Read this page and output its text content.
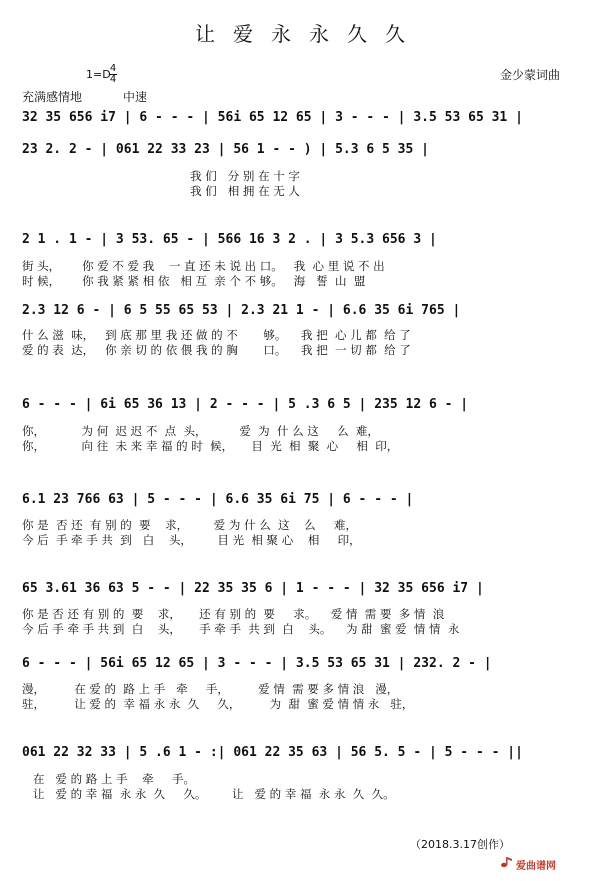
让爱永永久久
1=D 4
4
充满感情地	中速
金少蒙词曲
32 35 656 i7 | 6 - - - | 56i 65 12 65 | 3 - - - | 3.5 53 65 31 |
23 2. 2 - | 061 22 33 23 | 56 1 - - ) | 5.3 6 5 35 |
我 们   分 别 在 十 字
我 们   相 拥 在 无 人
2 1 . 1 - | 3 53. 65 - | 566 16 3 2 . | 3 5.3 656 3 |
街 头，      你 爱 不 爱 我    一 直 还 未 说 出 口。   我  心 里 说 不 出
时 候，      你 我 紧 紧 相 依   相 互  亲 个 不 够。   海   誓  山  盟
2.3 12 6 - | 6 5 55 65 53 | 2.3 21 1 - | 6.6 35 6i 765 |
什 么 滋  味，   到 底 那 里 我 还 做 的 不       够。    我 把  心 儿 都  给 了
爱 的 表  达，   你 亲 切 的 依 偎 我 的 胸       口。    我 把  一 切 都  给 了
6 - - - | 6i 65 36 13 | 2 - - - | 5 .3 6 5 | 235 12 6 - |
你，          为 何  迟 迟 不  点  头，         爱  为  什 么 这     么  难，
你，          向 往  未 来 幸 福 的 时  候，     目  光  相  聚  心     相  印，
6.1 23 766 63 | 5 - - - | 6.6 35 6i 75 | 6 - - - |
你 是  否 还  有 别 的  要    求，       爱 为 什 么  这    么     难，
今 后  手 牵 手 共  到   白    头，       目 光  相 聚 心    相     印，
65 3.61 36 63 5 - - | 22 35 35 6 | 1 - - - | 32 35 656 i7 |
你 是 否 还 有 别 的  要    求，     还 有 别 的  要     求。    爱 情  需 要  多 情  浪
今 后 手 牵 手 共 到  白    头，     手 牵 手  共 到  白    头。    为 甜  蜜 爱  情 情  永
6 - - - | 56i 65 12 65 | 3 - - - | 3.5 53 65 31 | 232. 2 - |
漫，        在 爱 的  路 上 手   牵     手，        爱 情  需 要 多 情 浪   漫，
驻，        让 爱 的  幸 福 永 永  久     久，        为  甜  蜜 爱 情 情 永   驻，
061 22 32 33 | 5 .6 1 - :| 061 22 35 63 | 56 5. 5 - | 5 - - - ||
在   爱 的 路 上 手    牵     手。
让   爱 的 幸 福  永 永  久     久。       让   爱 的 幸 福  永 永  久  久。
（2018.3.17创作）
爱曲谱网
